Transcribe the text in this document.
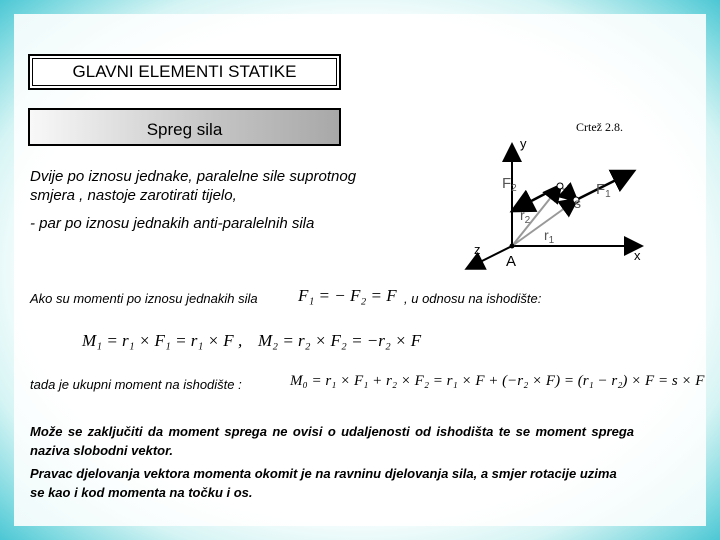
GLAVNI ELEMENTI STATIKE
Spreg sila	Crtež 2.8.
y
x
z
A
$F_2$	$F_1$
$r_2$
$r_1$
s
Dvije po iznosu jednake, paralelne sile suprotnog
smjera , nastoje zarotirati tijelo,
- par po iznosu jednakih anti-paralelnih sila
Ako su momenti po iznosu jednakih sila F₁ = − F₂ = F , u odnosu na ishodište:
M₁ = r₁ × F₁ = r₁ × F , M₂ = r₂ × F₂ = −r₂ × F
tada je ukupni moment na ishodište :	M₀ = r₁ × F₁ + r₂ × F₂ = r₁ × F + (−r₂ × F) = (r₁ − r₂) × F = s × F
Može se zaključiti da moment sprega ne ovisi o udaljenosti od ishodišta te se moment spregа naziva slobodni vektor.
Pravac djelovanja vektora momenta okomit je na ravninu djelovanja sila, a smjer rotacije uzima se kao i kod momenta na točku i os.
